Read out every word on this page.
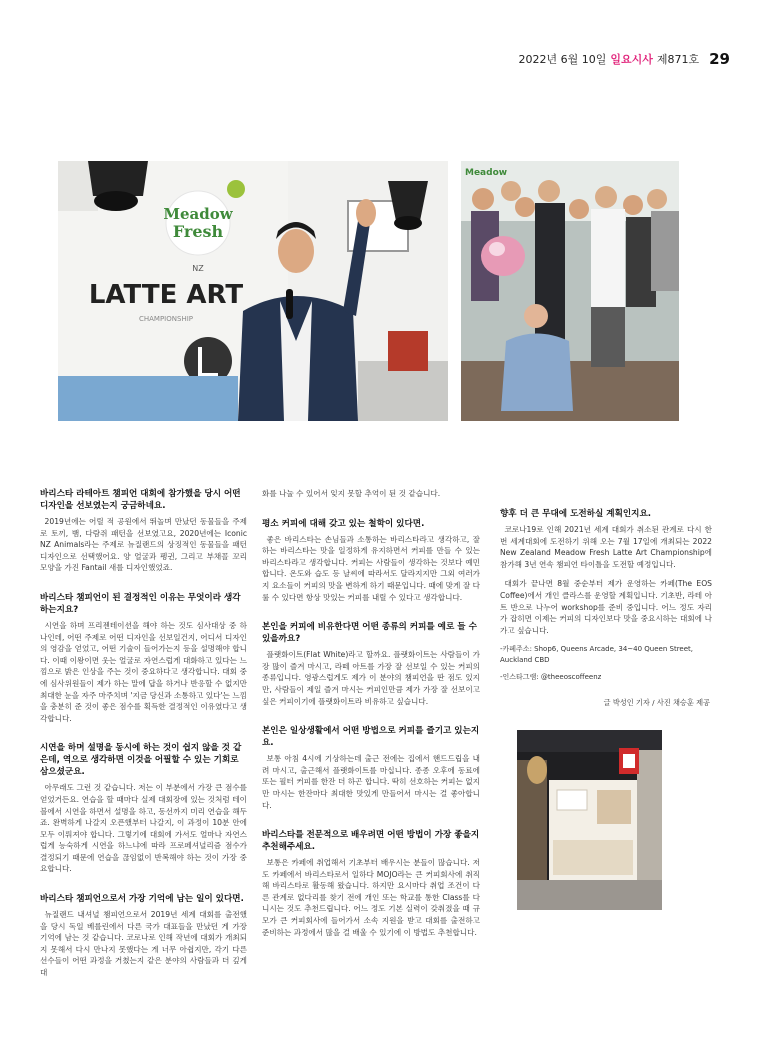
2022년 6월 10일 일요시사 제871호 29
Meadow
Fresh
NZ
LATTE ART
CHAMPIONSHIP
Meadow
바리스타 라테아트 챔피언 대회에 참가했을 당시 어떤 디자인을 선보였는지 궁금하네요.

2019년에는 어릴 적 공원에서 뛰놀며 만났던 동물들을 주제로 토끼, 뱀, 다람쥐 패턴을 선보였고요, 2020년에는 Iconic NZ Animals라는 주제로 뉴질랜드의 상징적인 동물들을 패턴 디자인으로 선택했어요. 양 얼굴과 펭귄, 그리고 부채꼴 꼬리 모양을 가진 Fantail 새를 디자인했었죠.

바리스타 챔피언이 된 결정적인 이유는 무엇이라 생각하는지요?

시연을 하며 프리젠테이션을 해야 하는 것도 심사대상 중 하나인데, 어떤 주제로 어떤 디자인을 선보일건지, 어디서 디자인의 영감을 얻었고, 어떤 기술이 들어가는지 등을 설명해야 합니다. 이때 이왕이면 웃는 얼굴로 자연스럽게 대화하고 있다는 느낌으로 밝은 인상을 주는 것이 중요하다고 생각합니다. 대회 중에 심사위원들이 제가 하는 말에 답을 하거나 반응할 수 없지만 최대한 눈을 자주 마주치며 '지금 당신과 소통하고 있다'는 느낌을 충분히 준 것이 좋은 점수를 획득한 결정적인 이유였다고 생각합니다.

시연을 하며 설명을 동시에 하는 것이 쉽지 않을 것 같은데, 역으로 생각하면 이것을 어필할 수 있는 기회로 삼으셨군요.

아무래도 그런 것 같습니다. 저는 이 부분에서 가장 큰 점수를 얻었거든요. 연습을 할 때마다 실제 대회장에 있는 것처럼 테이블에서 시연을 하면서 설명을 하고, 동선까지 미리 연습을 해두죠. 완벽하게 나갈지 오픈했부터 나갈지, 이 과정이 10분 안에 모두 이뤄져야 합니다. 그렇기에 대회에 가서도 얼마나 자연스럽게 능숙하게 시연을 하느냐에 따라 프로페셔널리즘 점수가 결정되기 때문에 연습을 끊임없이 반복해야 하는 것이 가장 중요합니다.

바리스타 챔피언으로서 가장 기억에 남는 일이 있다면.

뉴질랜드 내셔널 챔피언으로서 2019년 세계 대회를 출전했을 당시 독일 베를린에서 다른 국가 대표들을 만났던 게 가장 기억에 남는 것 같습니다. 코로나로 인해 작년에 대회가 개최되지 못해서 다시 만나지 못했다는 게 너무 아쉽지만, 각기 다른 선수들이 어떤 과정을 거쳤는지 같은 분야의 사람들과 더 깊게 대

화를 나눌 수 있어서 잊지 못할 추억이 된 것 같습니다.

평소 커피에 대해 갖고 있는 철학이 있다면.

좋은 바리스타는 손님들과 소통하는 바리스타라고 생각하고, 잘하는 바리스타는 맛을 일정하게 유지하면서 커피를 만들 수 있는 바리스타라고 생각합니다. 커피는 사람들이 생각하는 것보다 예민합니다. 온도와 습도 등 날씨에 따라서도 달라지지만 그외 여러가지 요소들이 커피의 맛을 변하게 하기 때문입니다. 때에 맞게 잘 다룰 수 있다면 항상 맛있는 커피를 내릴 수 있다고 생각합니다.

본인을 커피에 비유한다면 어떤 종류의 커피를 예로 들 수 있을까요?

플랫화이트(Flat White)라고 할까요. 플랫화이트는 사람들이 가장 많이 즐겨 마시고, 라떼 아트를 가장 잘 선보일 수 있는 커피의 종류입니다. 영광스럽게도 제가 이 분야의 챔피언을 딴 점도 있지만, 사람들이 제일 즐겨 마시는 커피인만큼 제가 가장 잘 선보이고 싶은 커피이기에 플랫화이트라 비유하고 싶습니다.

본인은 일상생활에서 어떤 방법으로 커피를 즐기고 있는지요.

보통 아침 4시에 기상하는데 출근 전에는 집에서 핸드드립을 내려 마시고, 출근해서 플랫화이트를 마십니다. 종종 오후에 동료에 또는 필터 커피를 한잔 더 하곤 합니다. 딱히 선호하는 커피는 없지만 마시는 한잔마다 최대한 맛있게 만들어서 마시는 걸 좋아합니다.

바리스타를 전문적으로 배우려면 어떤 방법이 가장 좋을지 추천해주세요.

보통은 카페에 취업해서 기초부터 배우시는 분들이 많습니다. 저도 카페에서 바리스타로서 일하다 MOJO라는 큰 커피회사에 취직해 바리스타로 활동해 왔습니다. 하지만 요시마다 취업 조건이 다른 관계로 없다리를 찾기 전에 개인 또는 학교를 통한 Class를 다니시는 것도 추천드립니다. 어느 정도 기본 실력이 갖춰졌을 때 규모가 큰 커피회사에 들어가서 소속 지원을 받고 대회를 출전하고 준비하는 과정에서 많을 걸 배울 수 있기에 이 방법도 추천합니다.

향후 더 큰 무대에 도전하실 계획인지요.

코로나19로 인해 2021년 세계 대회가 취소된 관계로 다시 한 번 세계대회에 도전하기 위해 오는 7월 17일에 개최되는 2022 New Zealand Meadow Fresh Latte Art Championship에 참가해 3년 연속 챔피언 타이틀을 도전할 예정입니다.

대회가 끝나면 8월 중순부터 제가 운영하는 카페(The EOS Coffee)에서 개인 클라스를 운영할 계획입니다. 기초반, 라테 아트 반으로 나누어 workshop를 준비 중입니다. 어느 정도 자리가 잡히면 이제는 커피의 디자인보다 맛을 중요시하는 대회에 나가고 싶습니다.

-카페주소: Shop6, Queens Arcade, 34~40 Queen Street, Auckland CBD
-인스타그램: @theeoscoffeenz
글 박성인 기자 / 사진 채승훈 제공
